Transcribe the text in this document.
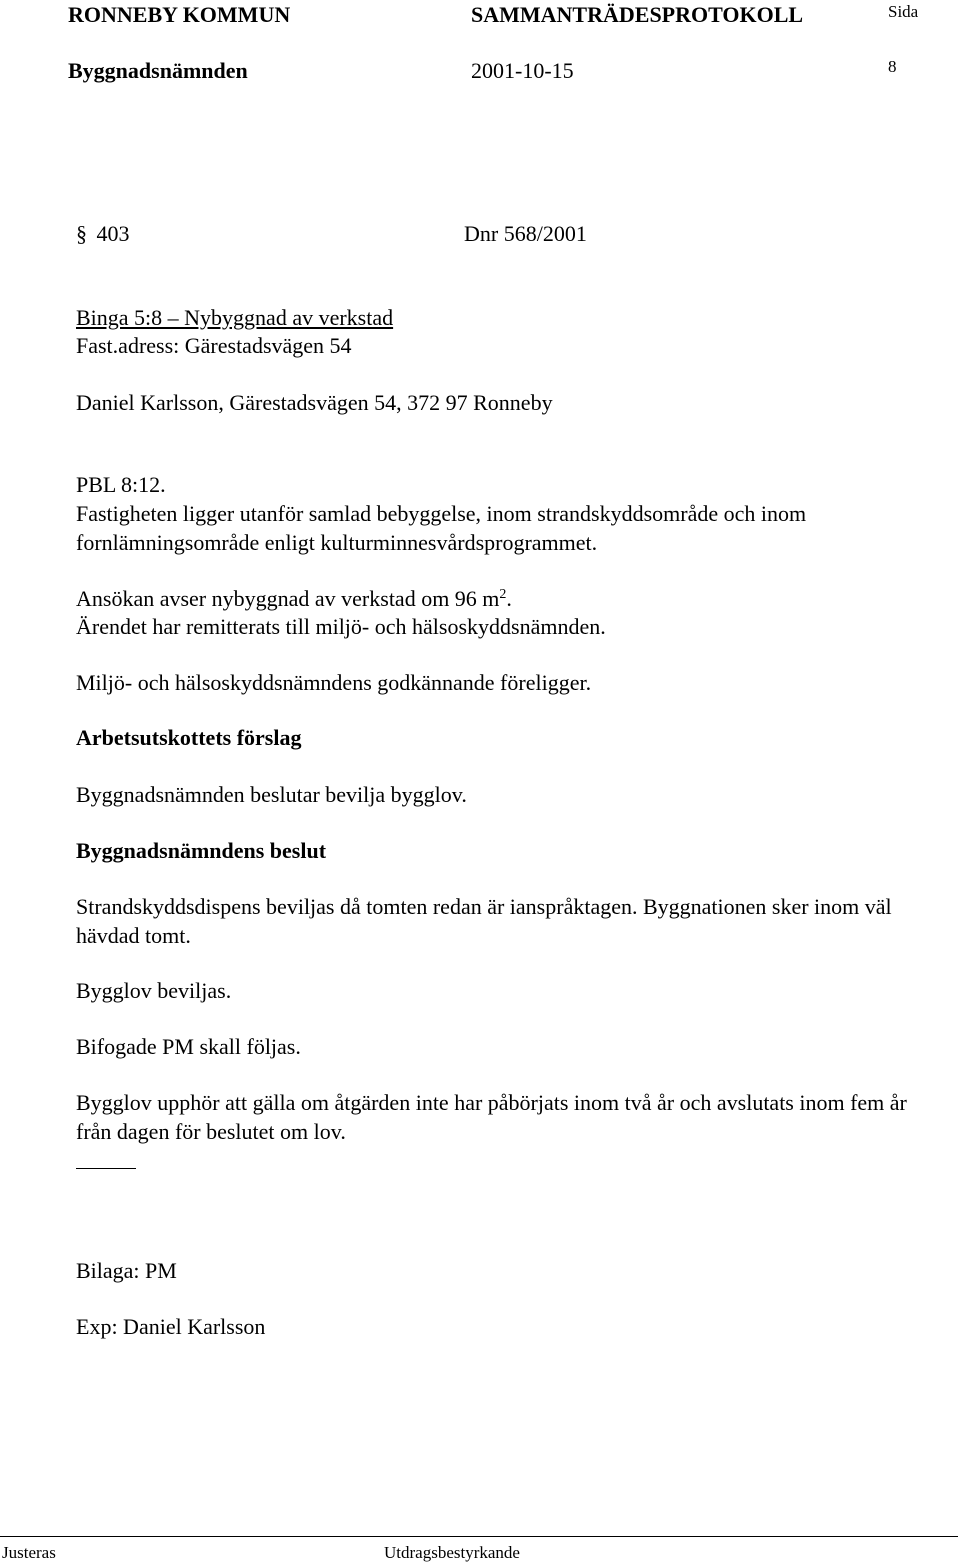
RONNEBY KOMMUN	SAMMANTRÄDESPROTOKOLL	Sida
Byggnadsnämnden	2001-10-15	8
§ 403	Dnr 568/2001
Binga 5:8 – Nybyggnad av verkstad
Fast.adress: Gärestadsvägen 54
Daniel Karlsson, Gärestadsvägen 54, 372 97 Ronneby
PBL 8:12.
Fastigheten ligger utanför samlad bebyggelse, inom strandskyddsområde och inom fornlämningsområde enligt kulturminnesvårdsprogrammet.
Ansökan avser nybyggnad av verkstad om 96 $m^2$.
Ärendet har remitterats till miljö- och hälsoskyddsnämnden.
Miljö- och hälsoskyddsnämndens godkännande föreligger.
Arbetsutskottets förslag
Byggnadsnämnden beslutar bevilja bygglov.
Byggnadsnämndens beslut
Strandskyddsdispens beviljas då tomten redan är ianspråktagen. Byggnationen sker inom väl hävdad tomt.
Bygglov beviljas.
Bifogade PM skall följas.
Bygglov upphör att gälla om åtgärden inte har påbörjats inom två år och avslutats inom fem år från dagen för beslutet om lov.
Bilaga: PM
Exp: Daniel Karlsson
Justeras	Utdragsbestyrkande
